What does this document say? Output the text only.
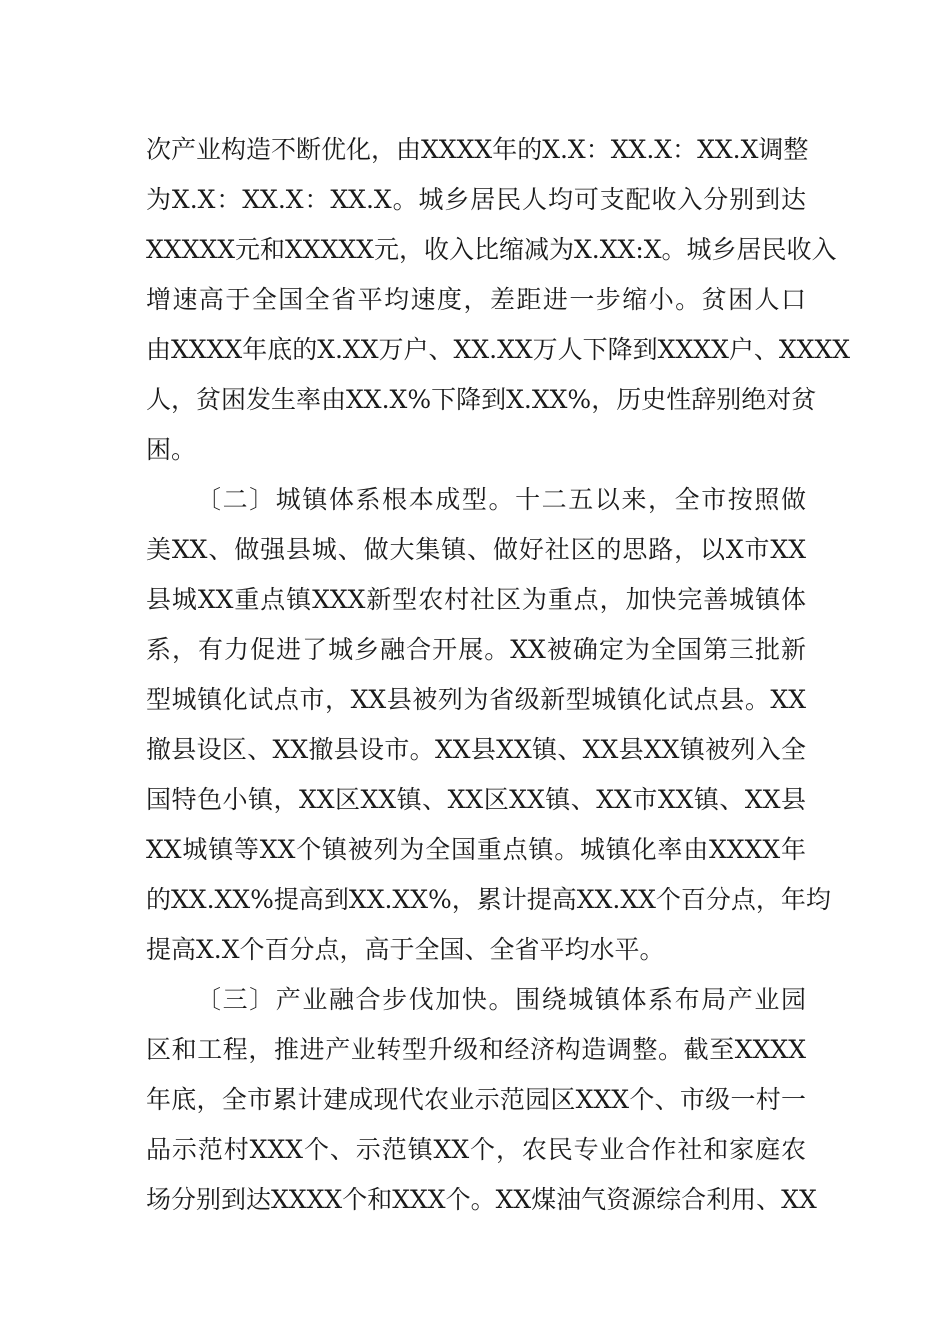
次产业构造不断优化，由XXXX年的X.X：XX.X：XX.X调整
为X.X：XX.X：XX.X。城乡居民人均可支配收入分别到达
XXXXX元和XXXXX元，收入比缩减为X.XX:X。城乡居民收入
增速高于全国全省平均速度，差距进一步缩小。贫困人口
由XXXX年底的X.XX万户、XX.XX万人下降到XXXX户、XXXX
人，贫困发生率由XX.X%下降到X.XX%，历史性辞别绝对贫
困。
〔二〕城镇体系根本成型。十二五以来，全市按照做
美XX、做强县城、做大集镇、做好社区的思路，以X市XX
县城XX重点镇XXX新型农村社区为重点，加快完善城镇体
系，有力促进了城乡融合开展。XX被确定为全国第三批新
型城镇化试点市，XX县被列为省级新型城镇化试点县。XX
撤县设区、XX撤县设市。XX县XX镇、XX县XX镇被列入全
国特色小镇，XX区XX镇、XX区XX镇、XX市XX镇、XX县
XX城镇等XX个镇被列为全国重点镇。城镇化率由XXXX年
的XX.XX%提高到XX.XX%，累计提高XX.XX个百分点，年均
提高X.X个百分点，高于全国、全省平均水平。
〔三〕产业融合步伐加快。围绕城镇体系布局产业园
区和工程，推进产业转型升级和经济构造调整。截至XXXX
年底，全市累计建成现代农业示范园区XXX个、市级一村一
品示范村XXX个、示范镇XX个，农民专业合作社和家庭农
场分别到达XXXX个和XXX个。XX煤油气资源综合利用、XX
